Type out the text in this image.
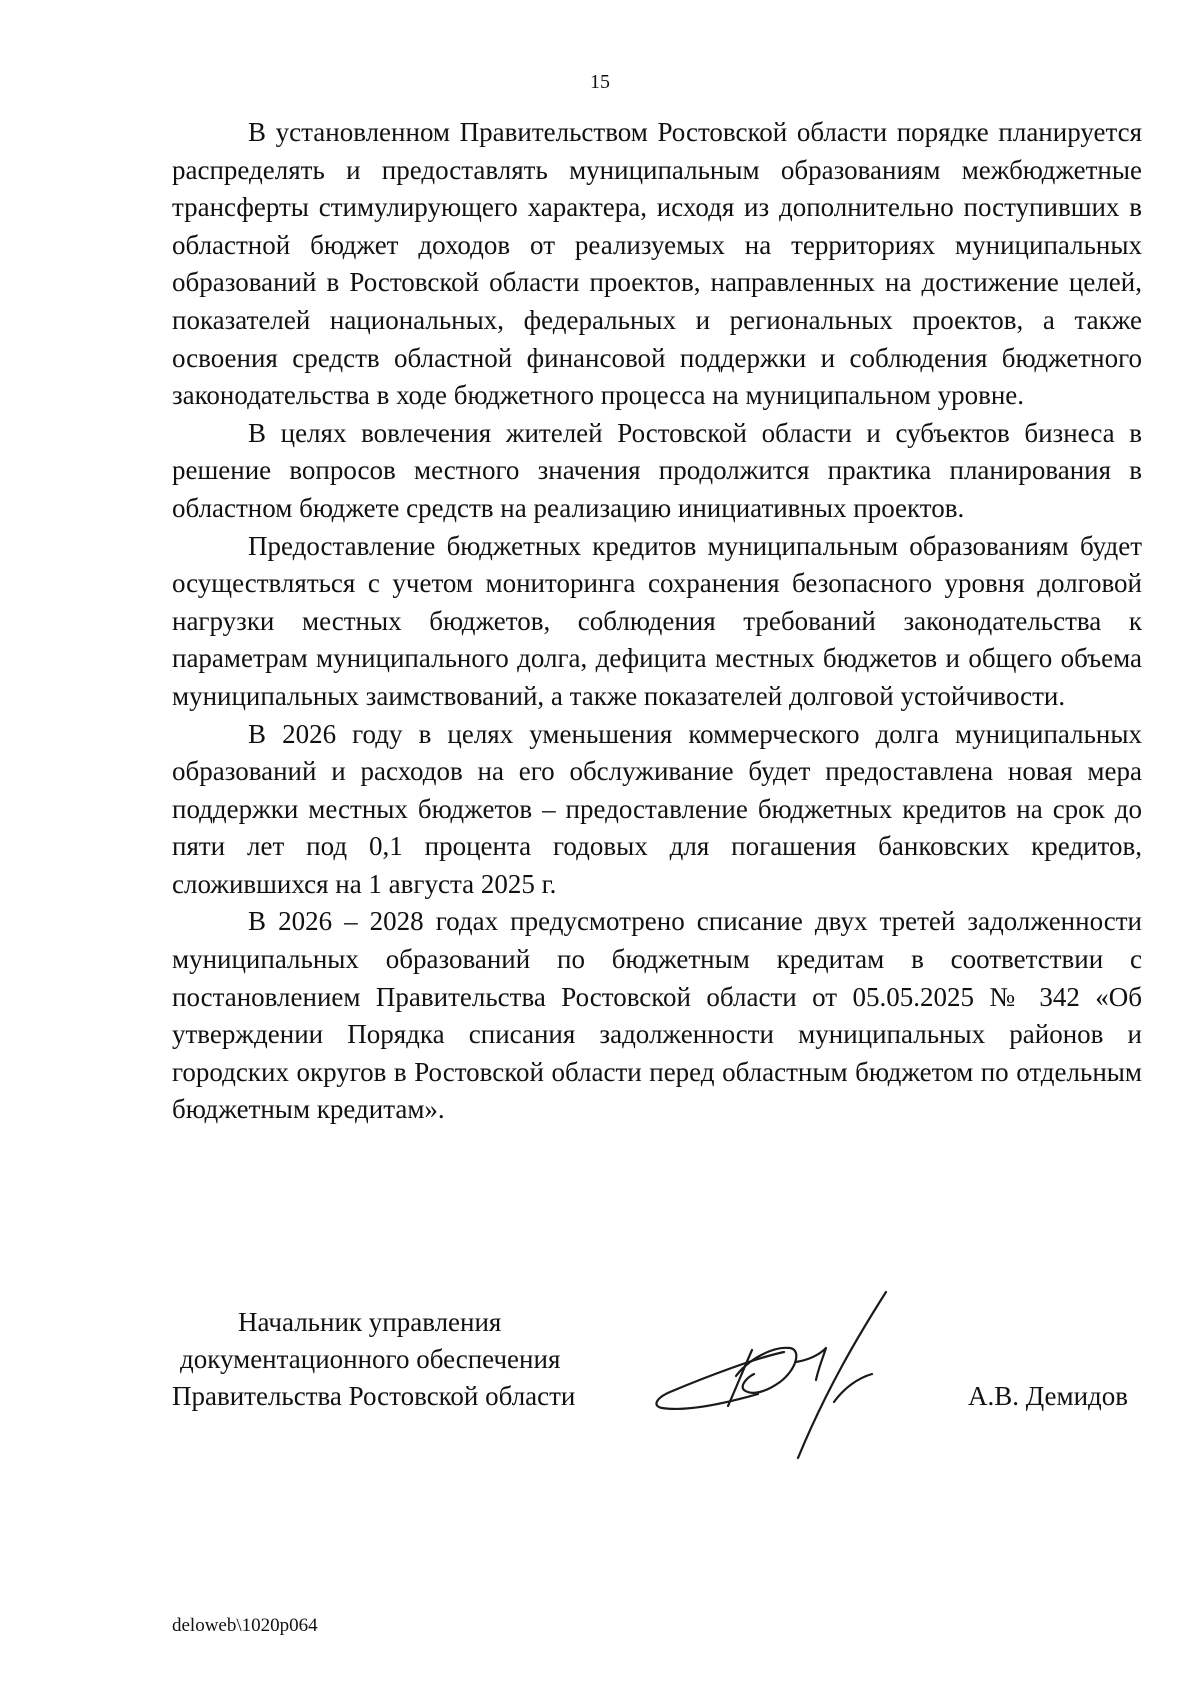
15

В установленном Правительством Ростовской области порядке планируется распределять и предоставлять муниципальным образованиям межбюджетные трансферты стимулирующего характера, исходя из дополнительно поступивших в областной бюджет доходов от реализуемых на территориях муниципальных образований в Ростовской области проектов, направленных на достижение целей, показателей национальных, федеральных и региональных проектов, а также освоения средств областной финансовой поддержки и соблюдения бюджетного законодательства в ходе бюджетного процесса на муниципальном уровне.

В целях вовлечения жителей Ростовской области и субъектов бизнеса в решение вопросов местного значения продолжится практика планирования в областном бюджете средств на реализацию инициативных проектов.

Предоставление бюджетных кредитов муниципальным образованиям будет осуществляться с учетом мониторинга сохранения безопасного уровня долговой нагрузки местных бюджетов, соблюдения требований законодательства к параметрам муниципального долга, дефицита местных бюджетов и общего объема муниципальных заимствований, а также показателей долговой устойчивости.

В 2026 году в целях уменьшения коммерческого долга муниципальных образований и расходов на его обслуживание будет предоставлена новая мера поддержки местных бюджетов – предоставление бюджетных кредитов на срок до пяти лет под 0,1 процента годовых для погашения банковских кредитов, сложившихся на 1 августа 2025 г.

В 2026 – 2028 годах предусмотрено списание двух третей задолженности муниципальных образований по бюджетным кредитам в соответствии с постановлением Правительства Ростовской области от 05.05.2025 № 342 «Об утверждении Порядка списания задолженности муниципальных районов и городских округов в Ростовской области перед областным бюджетом по отдельным бюджетным кредитам».

Начальник управления
документационного обеспечения
Правительства Ростовской области	А.В. Демидов
deloweb\1020p064
